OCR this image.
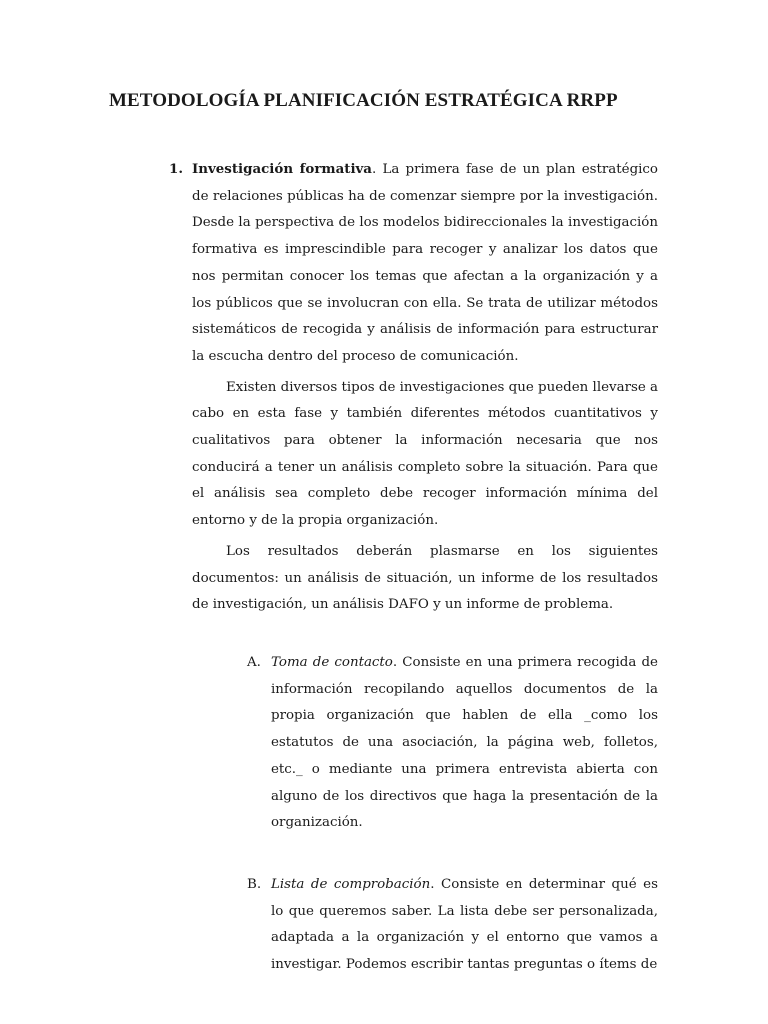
METODOLOGÍA PLANIFICACIÓN ESTRATÉGICA RRPP
1. Investigación formativa. La primera fase de un plan estratégico de relaciones públicas ha de comenzar siempre por la investigación. Desde la perspectiva de los modelos bidireccionales la investigación formativa es imprescindible para recoger y analizar los datos que nos permitan conocer los temas que afectan a la organización y a los públicos que se involucran con ella. Se trata de utilizar métodos sistemáticos de recogida y análisis de información para estructurar la escucha dentro del proceso de comunicación.

Existen diversos tipos de investigaciones que pueden llevarse a cabo en esta fase y también diferentes métodos cuantitativos y cualitativos para obtener la información necesaria que nos conducirá a tener un análisis completo sobre la situación. Para que el análisis sea completo debe recoger información mínima del entorno y de la propia organización.

Los resultados deberán plasmarse en los siguientes documentos: un análisis de situación, un informe de los resultados de investigación, un análisis DAFO y un informe de problema.

A. Toma de contacto. Consiste en una primera recogida de información recopilando aquellos documentos de la propia organización que hablen de ella _como los estatutos de una asociación, la página web, folletos, etc._ o mediante una primera entrevista abierta con alguno de los directivos que haga la presentación de la organización.

B. Lista de comprobación. Consiste en determinar qué es lo que queremos saber. La lista debe ser personalizada, adaptada a la organización y el entorno que vamos a investigar. Podemos escribir tantas preguntas o ítems de
